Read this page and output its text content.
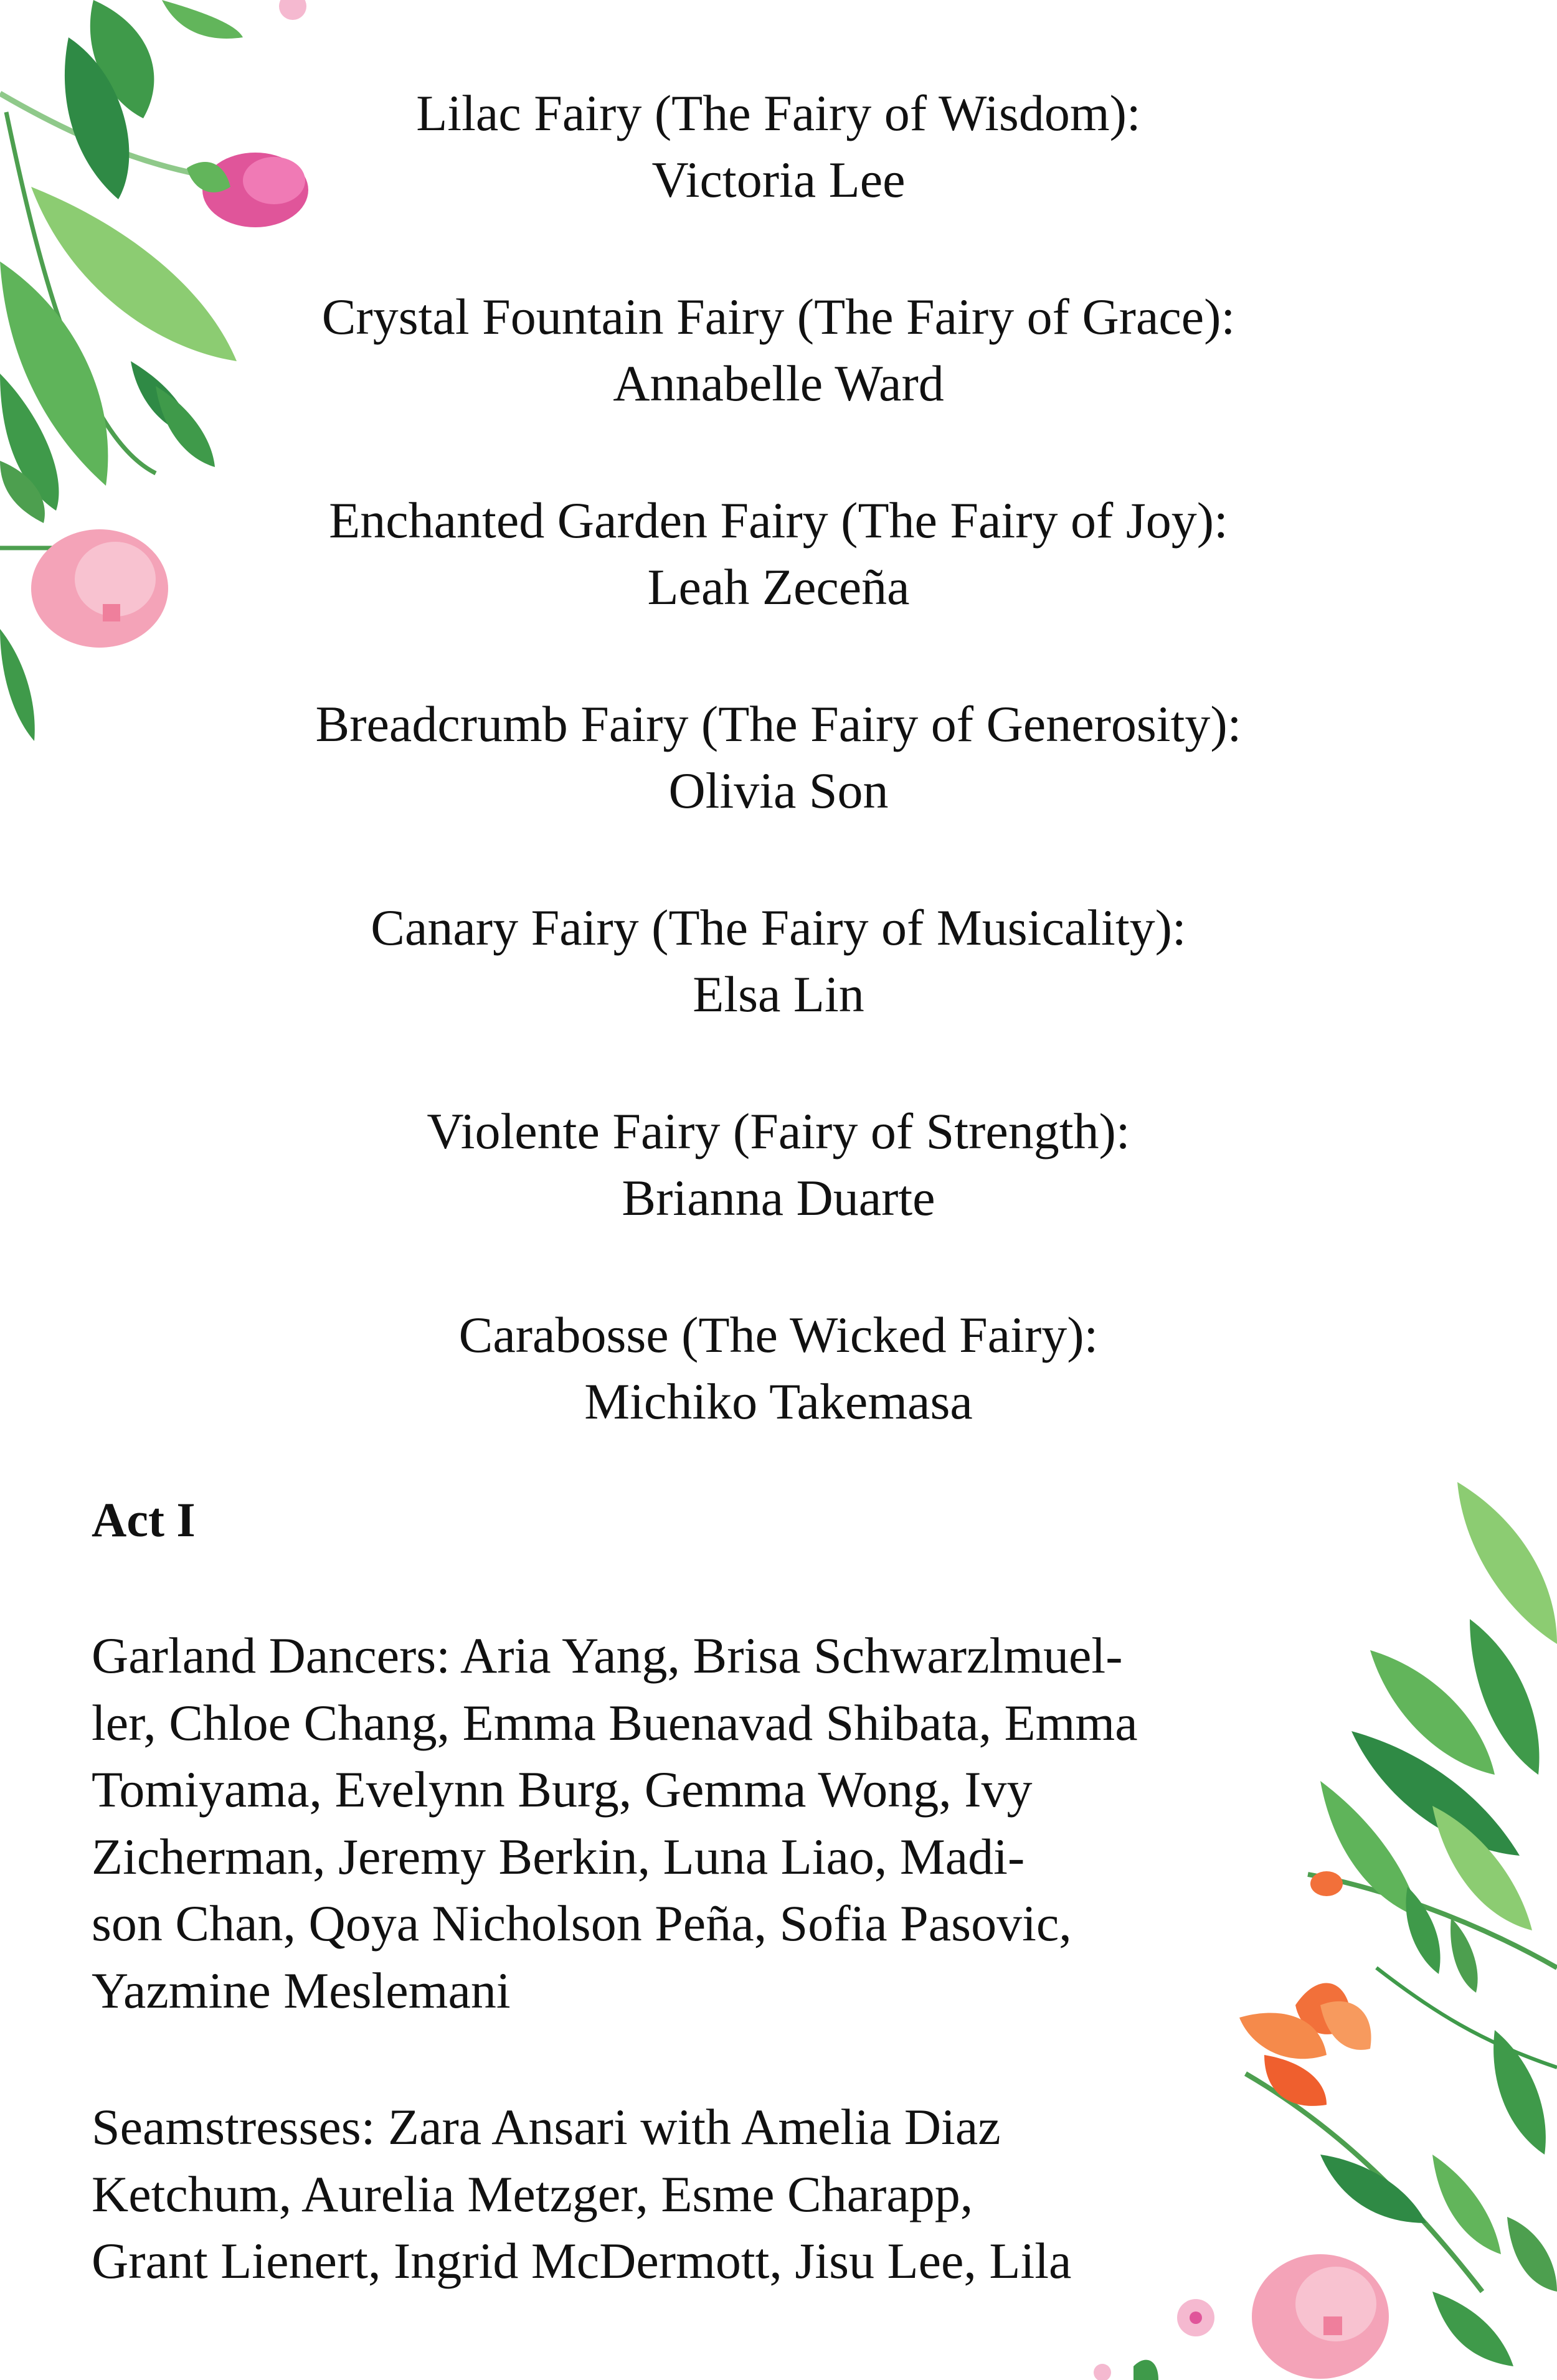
Lilac Fairy (The Fairy of Wisdom):
Victoria Lee
Crystal Fountain Fairy (The Fairy of Grace):
Annabelle Ward
Enchanted Garden Fairy (The Fairy of Joy):
Leah Zeceña
Breadcrumb Fairy (The Fairy of Generosity):
Olivia Son
Canary Fairy (The Fairy of Musicality):
Elsa Lin
Violente Fairy (Fairy of Strength):
Brianna Duarte
Carabosse (The Wicked Fairy):
Michiko Takemasa
Act I

Garland Dancers: Aria Yang, Brisa Schwarzlmuel-
ler, Chloe Chang, Emma Buenavad Shibata, Emma
Tomiyama, Evelynn Burg, Gemma Wong, Ivy
Zicherman, Jeremy Berkin, Luna Liao, Madi-
son Chan, Qoya Nicholson Peña, Sofia Pasovic,
Yazmine Meslemani

Seamstresses: Zara Ansari with Amelia Diaz
Ketchum, Aurelia Metzger, Esme Charapp,
Grant Lienert, Ingrid McDermott, Jisu Lee, Lila
